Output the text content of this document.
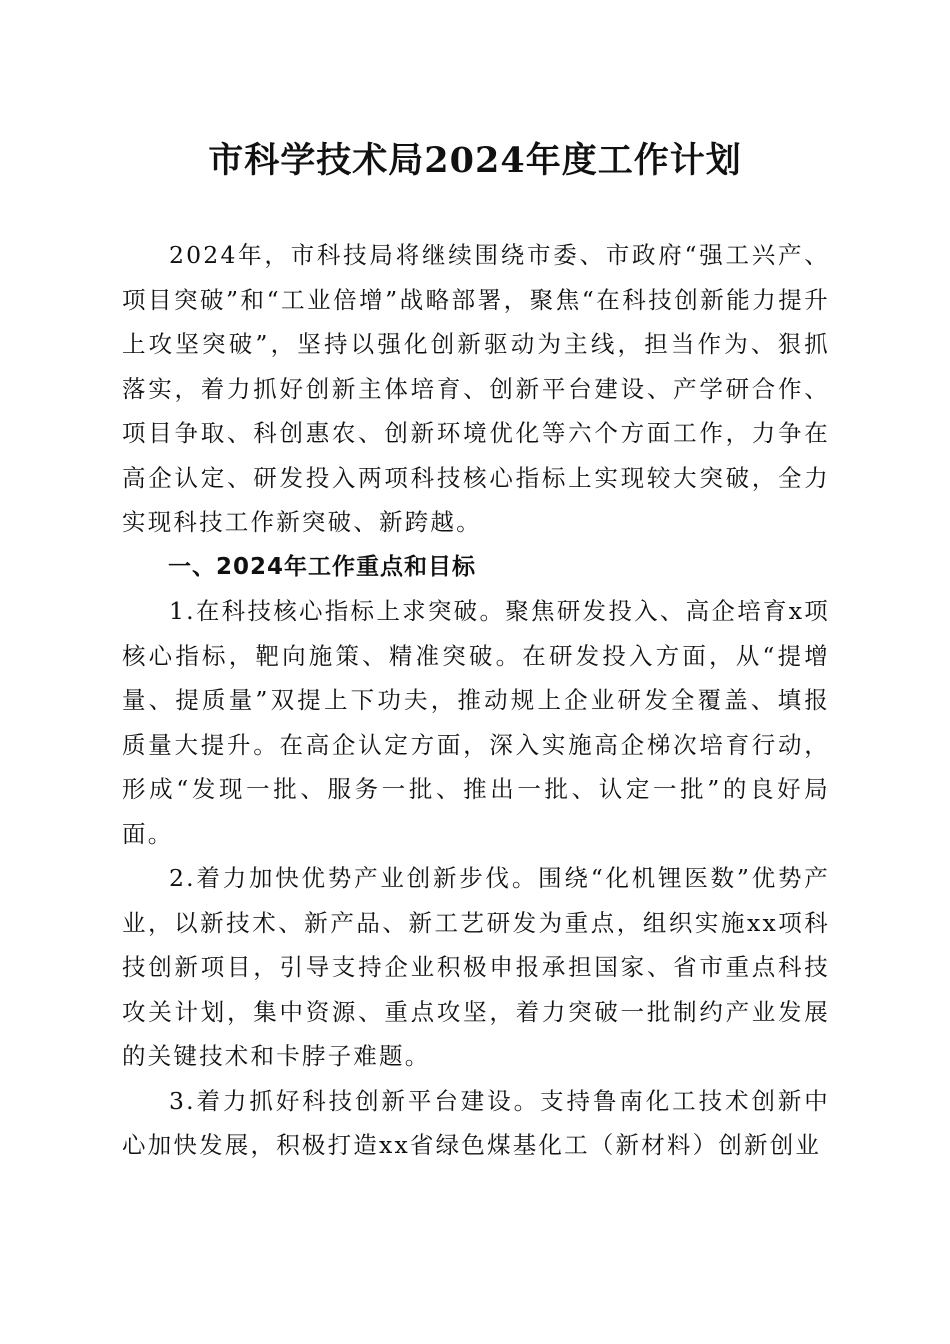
市科学技术局2024年度工作计划

2024年，市科技局将继续围绕市委、市政府“强工兴产、项目突破”和“工业倍增”战略部署，聚焦“在科技创新能力提升上攻坚突破”，坚持以强化创新驱动为主线，担当作为、狠抓落实，着力抓好创新主体培育、创新平台建设、产学研合作、项目争取、科创惠农、创新环境优化等六个方面工作，力争在高企认定、研发投入两项科技核心指标上实现较大突破，全力实现科技工作新突破、新跨越。

一、2024年工作重点和目标

1.在科技核心指标上求突破。聚焦研发投入、高企培育x项核心指标，靶向施策、精准突破。在研发投入方面，从“提增量、提质量”双提上下功夫，推动规上企业研发全覆盖、填报质量大提升。在高企认定方面，深入实施高企梯次培育行动，形成“发现一批、服务一批、推出一批、认定一批”的良好局面。

2.着力加快优势产业创新步伐。围绕“化机锂医数”优势产业，以新技术、新产品、新工艺研发为重点，组织实施xx项科技创新项目，引导支持企业积极申报承担国家、省市重点科技攻关计划，集中资源、重点攻坚，着力突破一批制约产业发展的关键技术和卡脖子难题。

3.着力抓好科技创新平台建设。支持鲁南化工技术创新中心加快发展，积极打造xx省绿色煤基化工（新材料）创新创业
